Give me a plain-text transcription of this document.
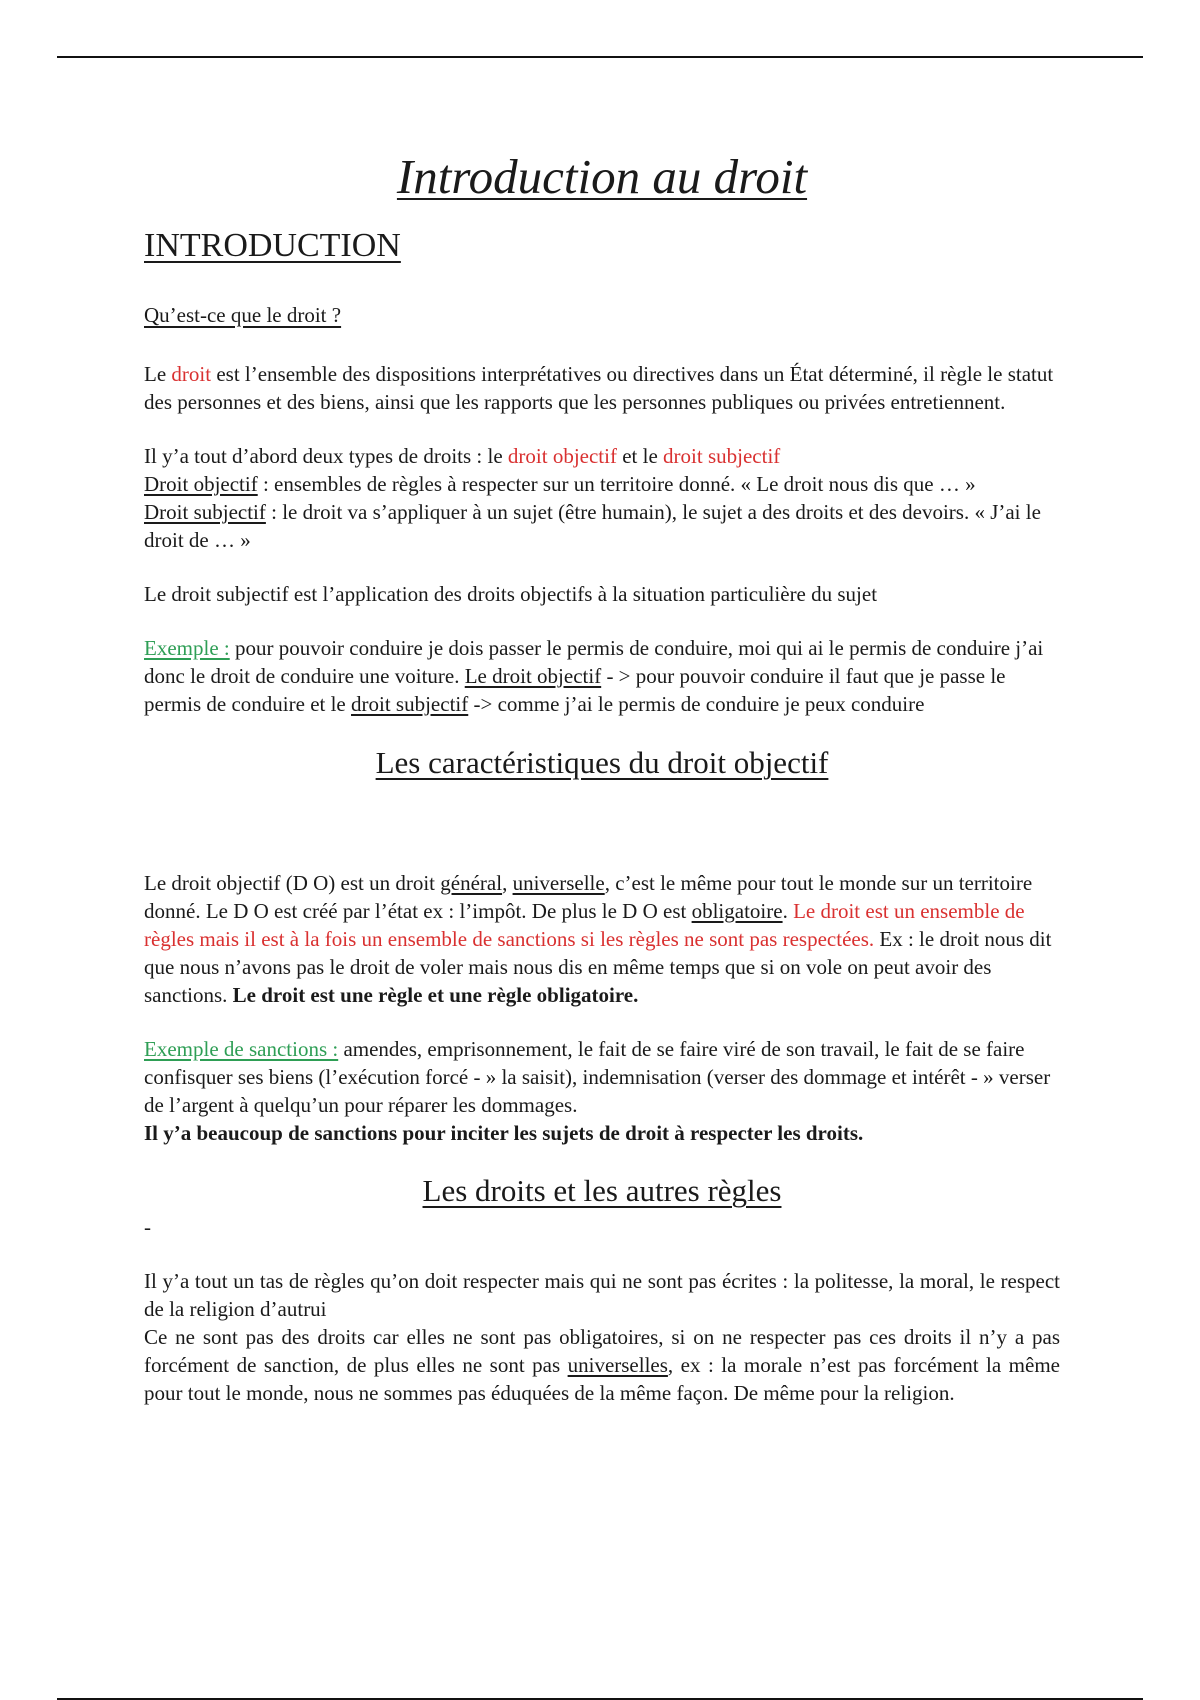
Introduction au droit
INTRODUCTION
Qu’est-ce que le droit ?

Le droit est l’ensemble des dispositions interprétatives ou directives dans un État déterminé, il règle le statut des personnes et des biens, ainsi que les rapports que les personnes publiques ou privées entretiennent.

Il y’a tout d’abord deux types de droits : le droit objectif et le droit subjectif

Droit objectif : ensembles de règles à respecter sur un territoire donné. « Le droit nous dis que … »

Droit subjectif : le droit va s’appliquer à un sujet (être humain), le sujet a des droits et des devoirs. « J’ai le droit de … »

Le droit subjectif est l’application des droits objectifs à la situation particulière du sujet

Exemple : pour pouvoir conduire je dois passer le permis de conduire, moi qui ai le permis de conduire j’ai donc le droit de conduire une voiture. Le droit objectif - > pour pouvoir conduire il faut que je passe le permis de conduire et le droit subjectif -> comme j’ai le permis de conduire je peux conduire

Les caractéristiques du droit objectif

Le droit objectif (D O) est un droit général, universelle, c’est le même pour tout le monde sur un territoire donné. Le D O est créé par l’état ex : l’impôt. De plus le D O est obligatoire. Le droit est un ensemble de règles mais il est à la fois un ensemble de sanctions si les règles ne sont pas respectées. Ex : le droit nous dit que nous n’avons pas le droit de voler mais nous dis en même temps que si on vole on peut avoir des sanctions. Le droit est une règle et une règle obligatoire.

Exemple de sanctions : amendes, emprisonnement, le fait de se faire viré de son travail, le fait de se faire confisquer ses biens (l’exécution forcé - » la saisit), indemnisation (verser des dommage et intérêt - » verser de l’argent à quelqu’un pour réparer les dommages.

Il y’a beaucoup de sanctions pour inciter les sujets de droit à respecter les droits.

Les droits et les autres règles
-

Il y’a tout un tas de règles qu’on doit respecter mais qui ne sont pas écrites : la politesse, la moral, le respect de la religion d’autrui

Ce ne sont pas des droits car elles ne sont pas obligatoires, si on ne respecter pas ces droits il n’y a pas forcément de sanction, de plus elles ne sont pas universelles, ex : la morale n’est pas forcément la même pour tout le monde, nous ne sommes pas éduquées de la même façon. De même pour la religion.
